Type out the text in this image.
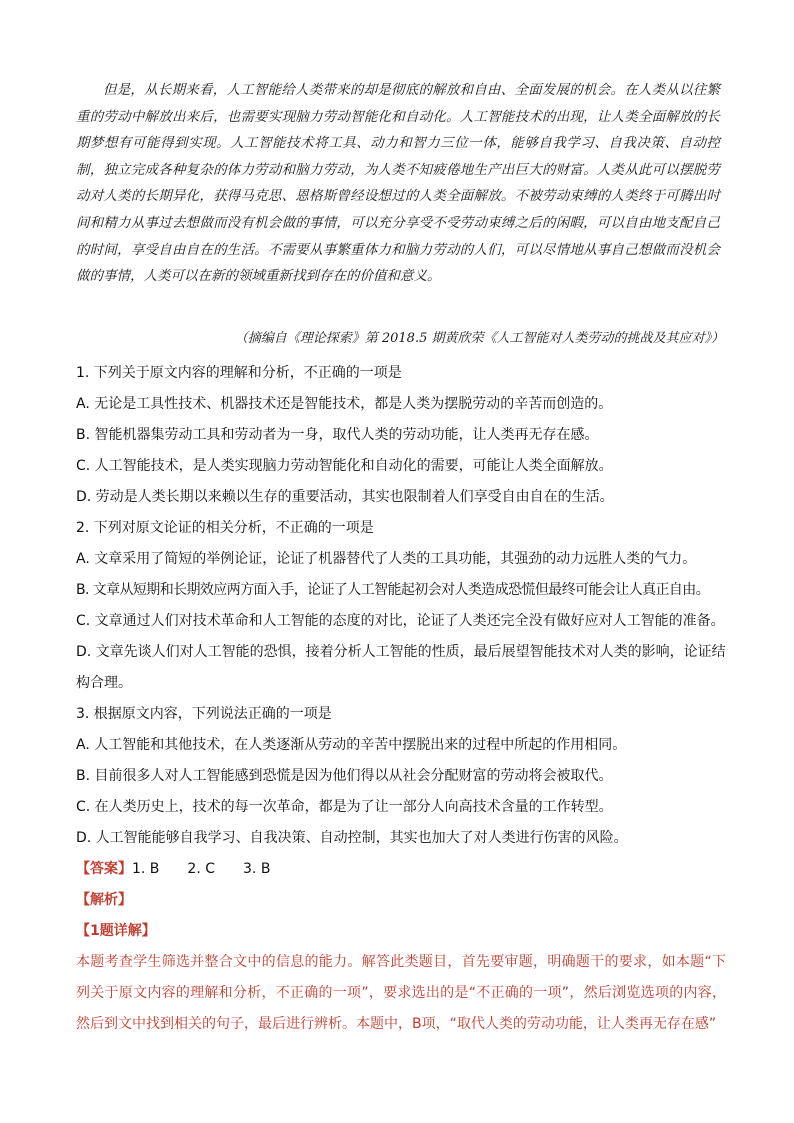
但是，从长期来看，人工智能给人类带来的却是彻底的解放和自由、全面发展的机会。在人类从以往繁重的劳动中解放出来后，也需要实现脑力劳动智能化和自动化。人工智能技术的出现，让人类全面解放的长期梦想有可能得到实现。人工智能技术将工具、动力和智力三位一体，能够自我学习、自我决策、自动控制，独立完成各种复杂的体力劳动和脑力劳动，为人类不知疲倦地生产出巨大的财富。人类从此可以摆脱劳动对人类的长期异化，获得马克思、恩格斯曾经设想过的人类全面解放。不被劳动束缚的人类终于可腾出时间和精力从事过去想做而没有机会做的事情，可以充分享受不受劳动束缚之后的闲暇，可以自由地支配自己的时间，享受自由自在的生活。不需要从事繁重体力和脑力劳动的人们，可以尽情地从事自己想做而没机会做的事情，人类可以在新的领域重新找到存在的价值和意义。

（摘编自《理论探索》第 2018.5 期黄欣荣《人工智能对人类劳动的挑战及其应对》）
1. 下列关于原文内容的理解和分析，不正确的一项是
A. 无论是工具性技术、机器技术还是智能技术，都是人类为摆脱劳动的辛苦而创造的。
B. 智能机器集劳动工具和劳动者为一身，取代人类的劳动功能，让人类再无存在感。
C. 人工智能技术，是人类实现脑力劳动智能化和自动化的需要，可能让人类全面解放。
D. 劳动是人类长期以来赖以生存的重要活动，其实也限制着人们享受自由自在的生活。
2. 下列对原文论证的相关分析，不正确的一项是
A. 文章采用了简短的举例论证，论证了机器替代了人类的工具功能，其强劲的动力远胜人类的气力。
B. 文章从短期和长期效应两方面入手，论证了人工智能起初会对人类造成恐慌但最终可能会让人真正自由。
C. 文章通过人们对技术革命和人工智能的态度的对比，论证了人类还完全没有做好应对人工智能的准备。
D. 文章先谈人们对人工智能的恐惧，接着分析人工智能的性质，最后展望智能技术对人类的影响，论证结构合理。
3. 根据原文内容，下列说法正确的一项是
A. 人工智能和其他技术，在人类逐渐从劳动的辛苦中摆脱出来的过程中所起的作用相同。
B. 目前很多人对人工智能感到恐慌是因为他们得以从社会分配财富的劳动将会被取代。
C. 在人类历史上，技术的每一次革命，都是为了让一部分人向高技术含量的工作转型。
D. 人工智能能够自我学习、自我决策、自动控制，其实也加大了对人类进行伤害的风险。
【答案】1. B 2. C 3. B
【解析】
【1题详解】
本题考查学生筛选并整合文中的信息的能力。解答此类题目，首先要审题，明确题干的要求，如本题“下列关于原文内容的理解和分析，不正确的一项”，要求选出的是“不正确的一项”，然后浏览选项的内容，然后到文中找到相关的句子，最后进行辨析。本题中，B项，“取代人类的劳动功能，让人类再无存在感”
